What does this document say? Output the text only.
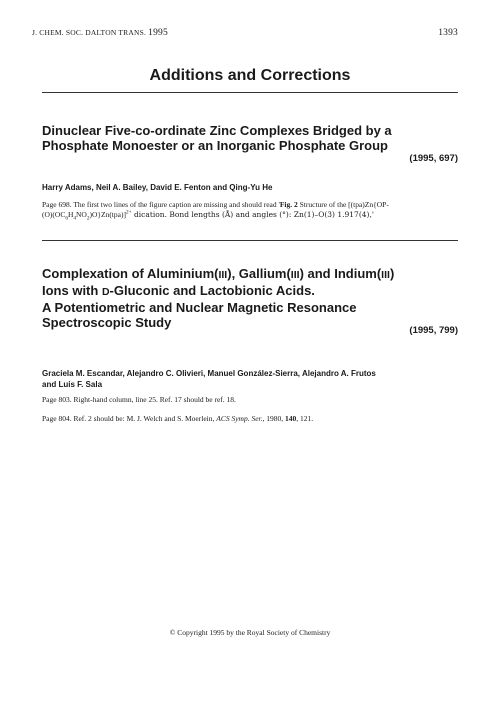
J. CHEM. SOC. DALTON TRANS. 1995	1393
Additions and Corrections
Dinuclear Five-co-ordinate Zinc Complexes Bridged by a
Phosphate Monoester or an Inorganic Phosphate Group
(1995, 697)
Harry Adams, Neil A. Bailey, David E. Fenton and Qing-Yu He
Page 698. The first two lines of the figure caption are missing and should read 'Fig. 2 Structure of the [(tpa)Zn{OP-
$(O)(OC_6H_4NO_2)O\}Zn(tpa)]^{2+}$ dication. Bond lengths (Å) and angles (°): Zn(1)–O(3) 1.917(4),'
Complexation of Aluminium(III), Gallium(III) and Indium(III)
Ions with D-Gluconic and Lactobionic Acids.
A Potentiometric and Nuclear Magnetic Resonance
Spectroscopic Study
(1995, 799)
Graciela M. Escandar, Alejandro C. Olivieri, Manuel González-Sierra, Alejandro A. Frutos
and Luis F. Sala
Page 803. Right-hand column, line 25. Ref. 17 should be ref. 18.
Page 804. Ref. 2 should be: M. J. Welch and S. Moerlein, ACS Symp. Ser., 1980, 140, 121.
© Copyright 1995 by the Royal Society of Chemistry
